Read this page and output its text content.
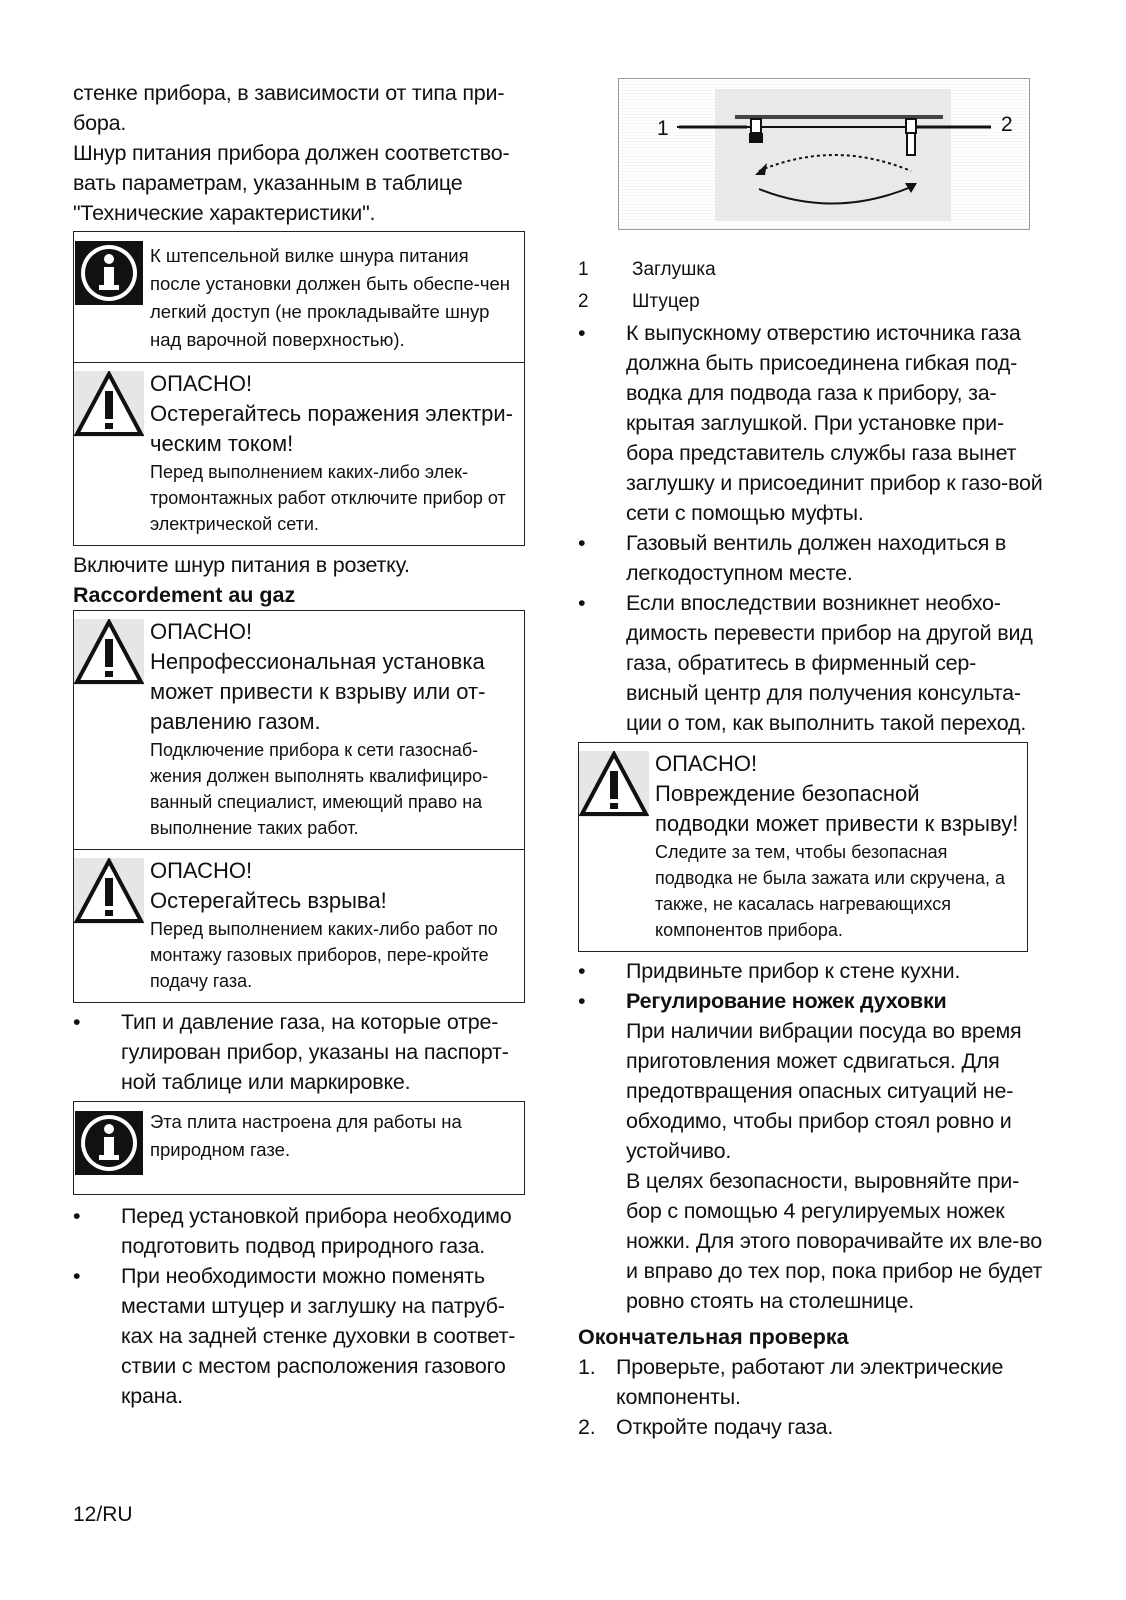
стенке прибора, в зависимости от типа при-бора.

Шнур питания прибора должен соответство-вать параметрам, указанным в таблице "Технические характеристики".

К штепсельной вилке шнура питания после установки должен быть обеспе-чен легкий доступ (не прокладывайте шнур над варочной поверхностью).

ОПАСНО!

Остерегайтесь поражения электри-ческим током!

Перед выполнением каких-либо элек-тромонтажных работ отключите прибор от электрической сети.

Включите шнур питания в розетку.

Raccordement au gaz

ОПАСНО!

Непрофессиональная установка может привести к взрыву или от-равлению газом.

Подключение прибора к сети газоснаб-жения должен выполнять квалифициро-ванный специалист, имеющий право на выполнение таких работ.

ОПАСНО!

Остерегайтесь взрыва!

Перед выполнением каких-либо работ по монтажу газовых приборов, пере-кройте подачу газа.

•	Тип и давление газа, на которые отре-гулирован прибор, указаны на паспорт-ной таблице или маркировке.

Эта плита настроена для работы на природном газе.

•	Перед установкой прибора необходимо подготовить подвод природного газа.

•	При необходимости можно поменять местами штуцер и заглушку на патруб-ках на задней стенке духовки в соответ-ствии с местом расположения газового крана.

1	2
1	Заглушка
2	Штуцер
•	К выпускному отверстию источника газа должна быть присоединена гибкая под-водка для подвода газа к прибору, за-крытая заглушкой. При установке при-бора представитель службы газа вынет заглушку и присоединит прибор к газо-вой сети с помощью муфты.

•	Газовый вентиль должен находиться в легкодоступном месте.

•	Если впоследствии возникнет необхо-димость перевести прибор на другой вид газа, обратитесь в фирменный сер-висный центр для получения консульта-ции о том, как выполнить такой переход.

ОПАСНО!

Повреждение безопасной подводки может привести к взрыву!

Следите за тем, чтобы безопасная подводка не была зажата или скручена, а также, не касалась нагревающихся компонентов прибора.

•	Придвиньте прибор к стене кухни.

•	Регулирование ножек духовки

При наличии вибрации посуда во время приготовления может сдвигаться. Для предотвращения опасных ситуаций не-обходимо, чтобы прибор стоял ровно и устойчиво.

В целях безопасности, выровняйте при-бор с помощью 4 регулируемых ножек ножки. Для этого поворачивайте их вле-во и вправо до тех пор, пока прибор не будет ровно стоять на столешнице.

Окончательная проверка

1. Проверьте, работают ли электрические компоненты.

2. Откройте подачу газа.

12/RU
